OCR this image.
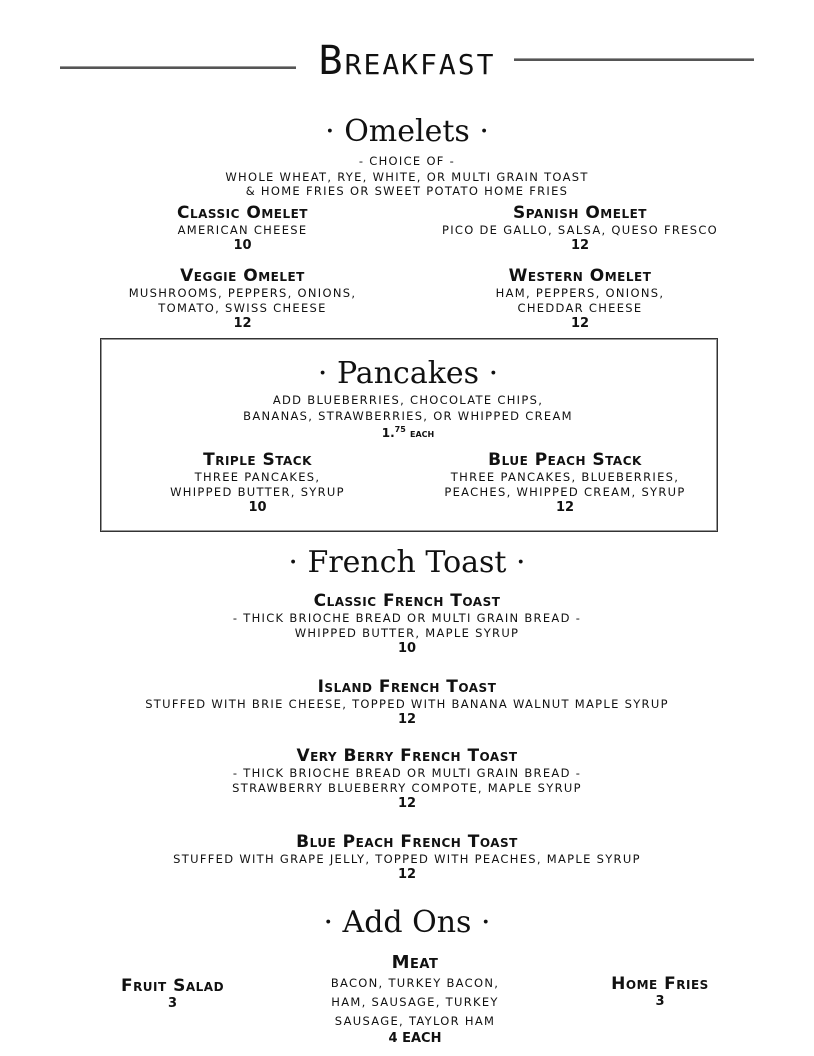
Breakfast
· Omelets ·
- CHOICE OF -
WHOLE WHEAT, RYE, WHITE, OR MULTI GRAIN TOAST
& HOME FRIES OR SWEET POTATO HOME FRIES
Classic Omelet
AMERICAN CHEESE
10
Spanish Omelet
PICO DE GALLO, SALSA, QUESO FRESCO
12
Veggie Omelet
MUSHROOMS, PEPPERS, ONIONS,
TOMATO, SWISS CHEESE
12
Western Omelet
HAM, PEPPERS, ONIONS,
CHEDDAR CHEESE
12
· Pancakes ·
ADD BLUEBERRIES, CHOCOLATE CHIPS,
BANANAS, STRAWBERRIES, OR WHIPPED CREAM
1.75 EACH
Triple Stack
THREE PANCAKES,
WHIPPED BUTTER, SYRUP
10
Blue Peach Stack
THREE PANCAKES, BLUEBERRIES,
PEACHES, WHIPPED CREAM, SYRUP
12
· French Toast ·
Classic French Toast
- THICK BRIOCHE BREAD OR MULTI GRAIN BREAD -
WHIPPED BUTTER, MAPLE SYRUP
10
Island French Toast
STUFFED WITH BRIE CHEESE, TOPPED WITH BANANA WALNUT MAPLE SYRUP
12
Very Berry French Toast
- THICK BRIOCHE BREAD OR MULTI GRAIN BREAD -
STRAWBERRY BLUEBERRY COMPOTE, MAPLE SYRUP
12
Blue Peach French Toast
STUFFED WITH GRAPE JELLY, TOPPED WITH PEACHES, MAPLE SYRUP
12
· Add Ons ·
Fruit Salad
3
Meat
BACON, TURKEY BACON,
HAM, SAUSAGE, TURKEY
SAUSAGE, TAYLOR HAM
4 EACH
Home Fries
3
